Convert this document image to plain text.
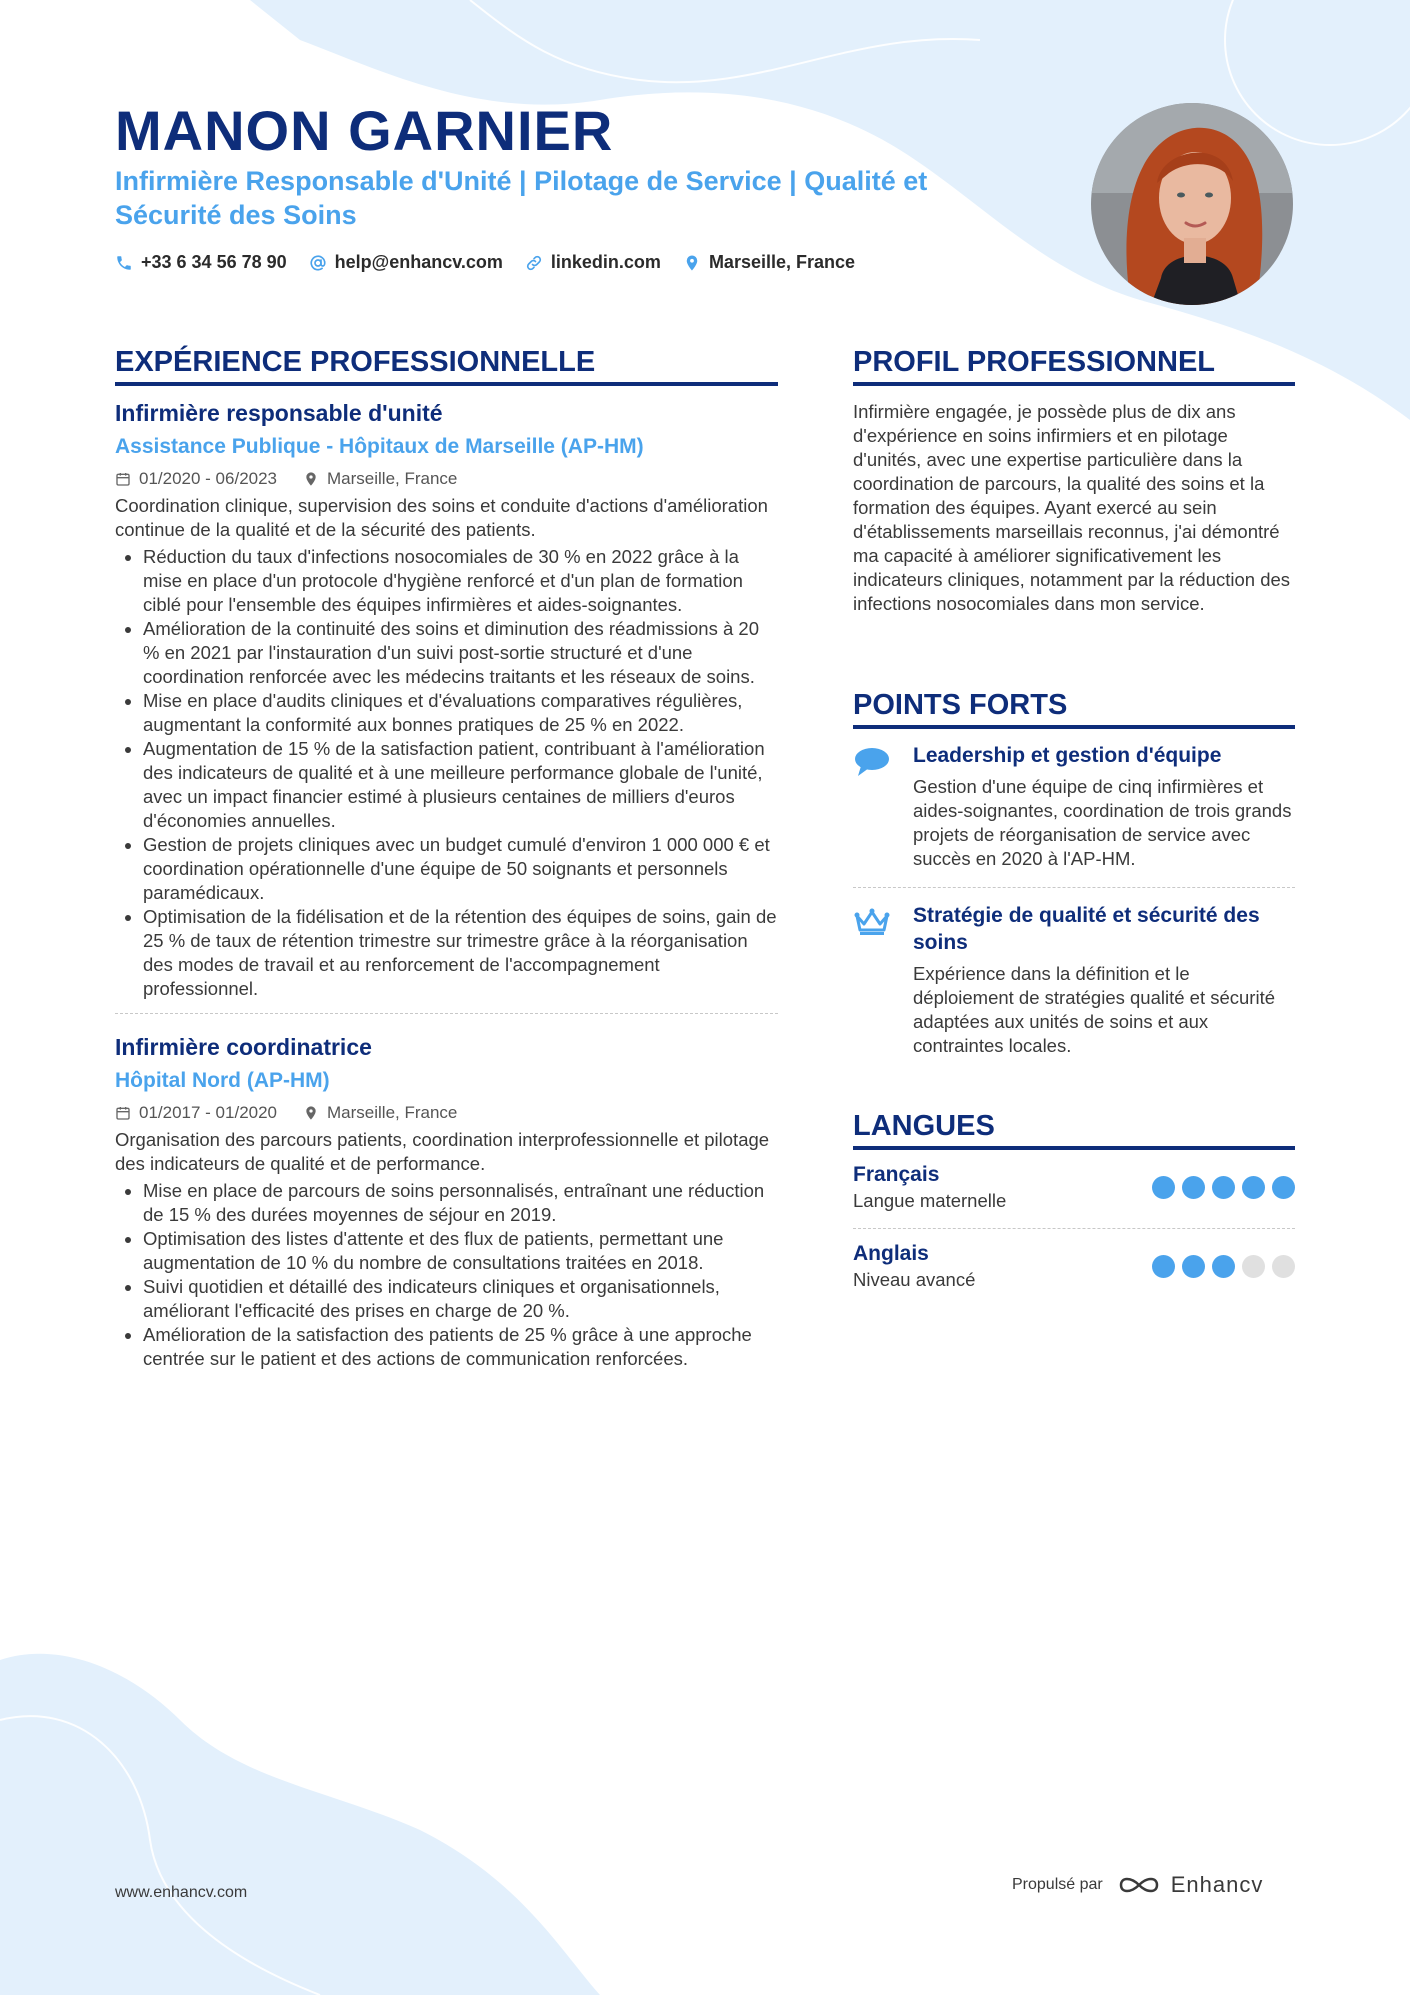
MANON GARNIER
Infirmière Responsable d'Unité | Pilotage de Service | Qualité et Sécurité des Soins
+33 6 34 56 78 90	help@enhancv.com	linkedin.com	Marseille, France
EXPÉRIENCE PROFESSIONNELLE
Infirmière responsable d'unité
Assistance Publique - Hôpitaux de Marseille (AP-HM)
01/2020 - 06/2023	Marseille, France
Coordination clinique, supervision des soins et conduite d'actions d'amélioration continue de la qualité et de la sécurité des patients.
• Réduction du taux d'infections nosocomiales de 30 % en 2022 grâce à la mise en place d'un protocole d'hygiène renforcé et d'un plan de formation ciblé pour l'ensemble des équipes infirmières et aides-soignantes.
• Amélioration de la continuité des soins et diminution des réadmissions à 20 % en 2021 par l'instauration d'un suivi post-sortie structuré et d'une coordination renforcée avec les médecins traitants et les réseaux de soins.
• Mise en place d'audits cliniques et d'évaluations comparatives régulières, augmentant la conformité aux bonnes pratiques de 25 % en 2022.
• Augmentation de 15 % de la satisfaction patient, contribuant à l'amélioration des indicateurs de qualité et à une meilleure performance globale de l'unité, avec un impact financier estimé à plusieurs centaines de milliers d'euros d'économies annuelles.
• Gestion de projets cliniques avec un budget cumulé d'environ 1 000 000 € et coordination opérationnelle d'une équipe de 50 soignants et personnels paramédicaux.
• Optimisation de la fidélisation et de la rétention des équipes de soins, gain de 25 % de taux de rétention trimestre sur trimestre grâce à la réorganisation des modes de travail et au renforcement de l'accompagnement professionnel.
Infirmière coordinatrice
Hôpital Nord (AP-HM)
01/2017 - 01/2020	Marseille, France
Organisation des parcours patients, coordination interprofessionnelle et pilotage des indicateurs de qualité et de performance.
• Mise en place de parcours de soins personnalisés, entraînant une réduction de 15 % des durées moyennes de séjour en 2019.
• Optimisation des listes d'attente et des flux de patients, permettant une augmentation de 10 % du nombre de consultations traitées en 2018.
• Suivi quotidien et détaillé des indicateurs cliniques et organisationnels, améliorant l'efficacité des prises en charge de 20 %.
• Amélioration de la satisfaction des patients de 25 % grâce à une approche centrée sur le patient et des actions de communication renforcées.
PROFIL PROFESSIONNEL
Infirmière engagée, je possède plus de dix ans d'expérience en soins infirmiers et en pilotage d'unités, avec une expertise particulière dans la coordination de parcours, la qualité des soins et la formation des équipes. Ayant exercé au sein d'établissements marseillais reconnus, j'ai démontré ma capacité à améliorer significativement les indicateurs cliniques, notamment par la réduction des infections nosocomiales dans mon service.
POINTS FORTS
Leadership et gestion d'équipe
Gestion d'une équipe de cinq infirmières et aides-soignantes, coordination de trois grands projets de réorganisation de service avec succès en 2020 à l'AP-HM.
Stratégie de qualité et sécurité des soins
Expérience dans la définition et le déploiement de stratégies qualité et sécurité adaptées aux unités de soins et aux contraintes locales.
LANGUES
Français
Langue maternelle
Anglais
Niveau avancé
www.enhancv.com	Propulsé par	Enhancv
